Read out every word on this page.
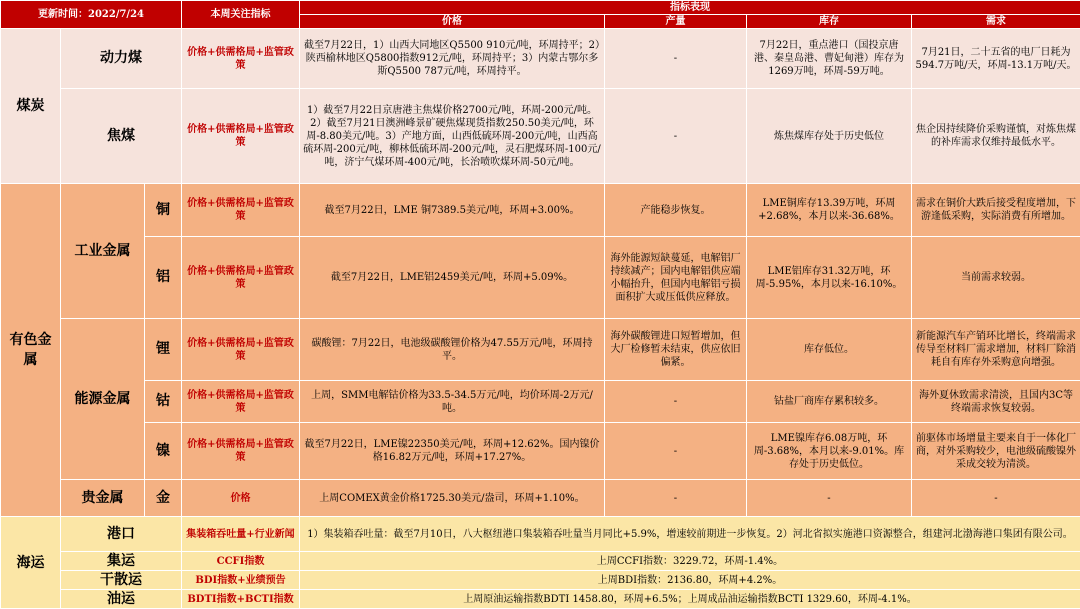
更新时间：2022/7/24			本周关注指标	指标表现			
				价格	产量	库存	需求
煤炭	动力煤		价格+供需格局+监管政策	截至7月22日，1）山西大同地区Q5500 910元/吨，环周持平；2）陕西榆林地区Q5800指数912元/吨，环周持平；3）内蒙古鄂尔多斯Q5500 787元/吨，环周持平。	-	7月22日，重点港口（国投京唐港、秦皇岛港、曹妃甸港）库存为1269万吨，环周-59万吨。	7月21日，二十五省的电厂日耗为594.7万吨/天，环周-13.1万吨/天。
	焦煤		价格+供需格局+监管政策	1）截至7月22日京唐港主焦煤价格2700元/吨，环周-200元/吨。2）截至7月21日澳洲峰景矿硬焦煤现货指数250.50美元/吨，环周-8.80美元/吨。3）产地方面，山西低硫环周-200元/吨，山西高硫环周-200元/吨，柳林低硫环周-200元/吨，灵石肥煤环周-100元/吨，济宁气煤环周-400元/吨，长治喷吹煤环周-50元/吨。	-	炼焦煤库存处于历史低位	焦企因持续降价采购谨慎，对炼焦煤的补库需求仅维持最低水平。
有色金属	工业金属	铜	价格+供需格局+监管政策	截至7月22日，LME 铜7389.5美元/吨，环周+3.00%。	产能稳步恢复。	LME铜库存13.39万吨，环周+2.68%，本月以来-36.68%。	需求在铜价大跌后接受程度增加，下游逢低采购，实际消费有所增加。
		铝	价格+供需格局+监管政策	截至7月22日，LME铝2459美元/吨，环周+5.09%。	海外能源短缺蔓延，电解铝厂持续减产；国内电解铝供应端小幅抬升，但国内电解铝亏损面积扩大或压低供应释放。	LME铝库存31.32万吨，环周-5.95%，本月以来-16.10%。	当前需求较弱。
	能源金属	锂	价格+供需格局+监管政策	碳酸锂：7月22日，电池级碳酸锂价格为47.55万元/吨，环周持平。	海外碳酸锂进口短暂增加，但大厂检修暂未结束，供应依旧偏紧。	库存低位。	新能源汽车产销环比增长，终端需求传导至材料厂需求增加，材料厂除消耗自有库存外采购意向增强。
		钴	价格+供需格局+监管政策	上周，SMM电解钴价格为33.5-34.5万元/吨，均价环周-2万元/吨。	-	钴盐厂商库存累积较多。	海外夏休致需求清淡，且国内3C等终端需求恢复较弱。
		镍	价格+供需格局+监管政策	截至7月22日，LME镍22350美元/吨，环周+12.62%。国内镍价格16.82万元/吨，环周+17.27%。	-	LME镍库存6.08万吨，环周-3.68%，本月以来-9.01%。库存处于历史低位。	前驱体市场增量主要来自于一体化厂商，对外采购较少，电池级硫酸镍外采成交较为清淡。
	贵金属	金	价格	上周COMEX黄金价格1725.30美元/盎司，环周+1.10%。	-	-	-
海运	港口		集装箱吞吐量+行业新闻	1）集装箱吞吐量：截至7月10日，八大枢纽港口集装箱吞吐量当月同比+5.9%，增速较前期进一步恢复。2）河北省拟实施港口资源整合，组建河北渤海港口集团有限公司。			
	集运		CCFI指数	上周CCFI指数：3229.72，环周-1.4%。			
	干散运		BDI指数+业绩预告	上周BDI指数：2136.80，环周+4.2%。			
	油运		BDTI指数+BCTI指数	上周原油运输指数BDTI 1458.80，环周+6.5%；上周成品油运输指数BCTI 1329.60，环周-4.1%。			
